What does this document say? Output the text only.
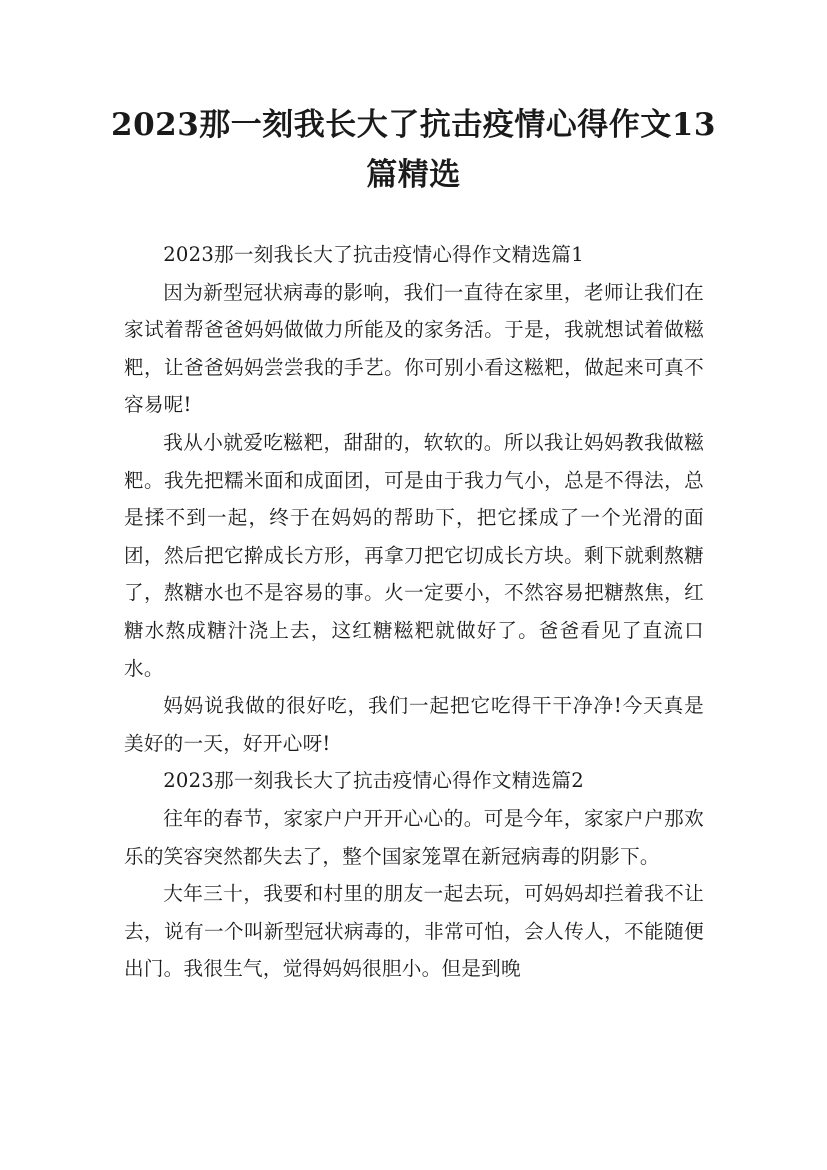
2023那一刻我长大了抗击疫情心得作文13篇精选

2023那一刻我长大了抗击疫情心得作文精选篇1

因为新型冠状病毒的影响，我们一直待在家里，老师让我们在家试着帮爸爸妈妈做做力所能及的家务活。于是，我就想试着做糍粑，让爸爸妈妈尝尝我的手艺。你可别小看这糍粑，做起来可真不容易呢!

我从小就爱吃糍粑，甜甜的，软软的。所以我让妈妈教我做糍粑。我先把糯米面和成面团，可是由于我力气小，总是不得法，总是揉不到一起，终于在妈妈的帮助下，把它揉成了一个光滑的面团，然后把它擀成长方形，再拿刀把它切成长方块。剩下就剩熬糖了，熬糖水也不是容易的事。火一定要小，不然容易把糖熬焦，红糖水熬成糖汁浇上去，这红糖糍粑就做好了。爸爸看见了直流口水。

妈妈说我做的很好吃，我们一起把它吃得干干净净!今天真是美好的一天，好开心呀!

2023那一刻我长大了抗击疫情心得作文精选篇2

往年的春节，家家户户开开心心的。可是今年，家家户户那欢乐的笑容突然都失去了，整个国家笼罩在新冠病毒的阴影下。

大年三十，我要和村里的朋友一起去玩，可妈妈却拦着我不让去，说有一个叫新型冠状病毒的，非常可怕，会人传人，不能随便出门。我很生气，觉得妈妈很胆小。但是到晚
